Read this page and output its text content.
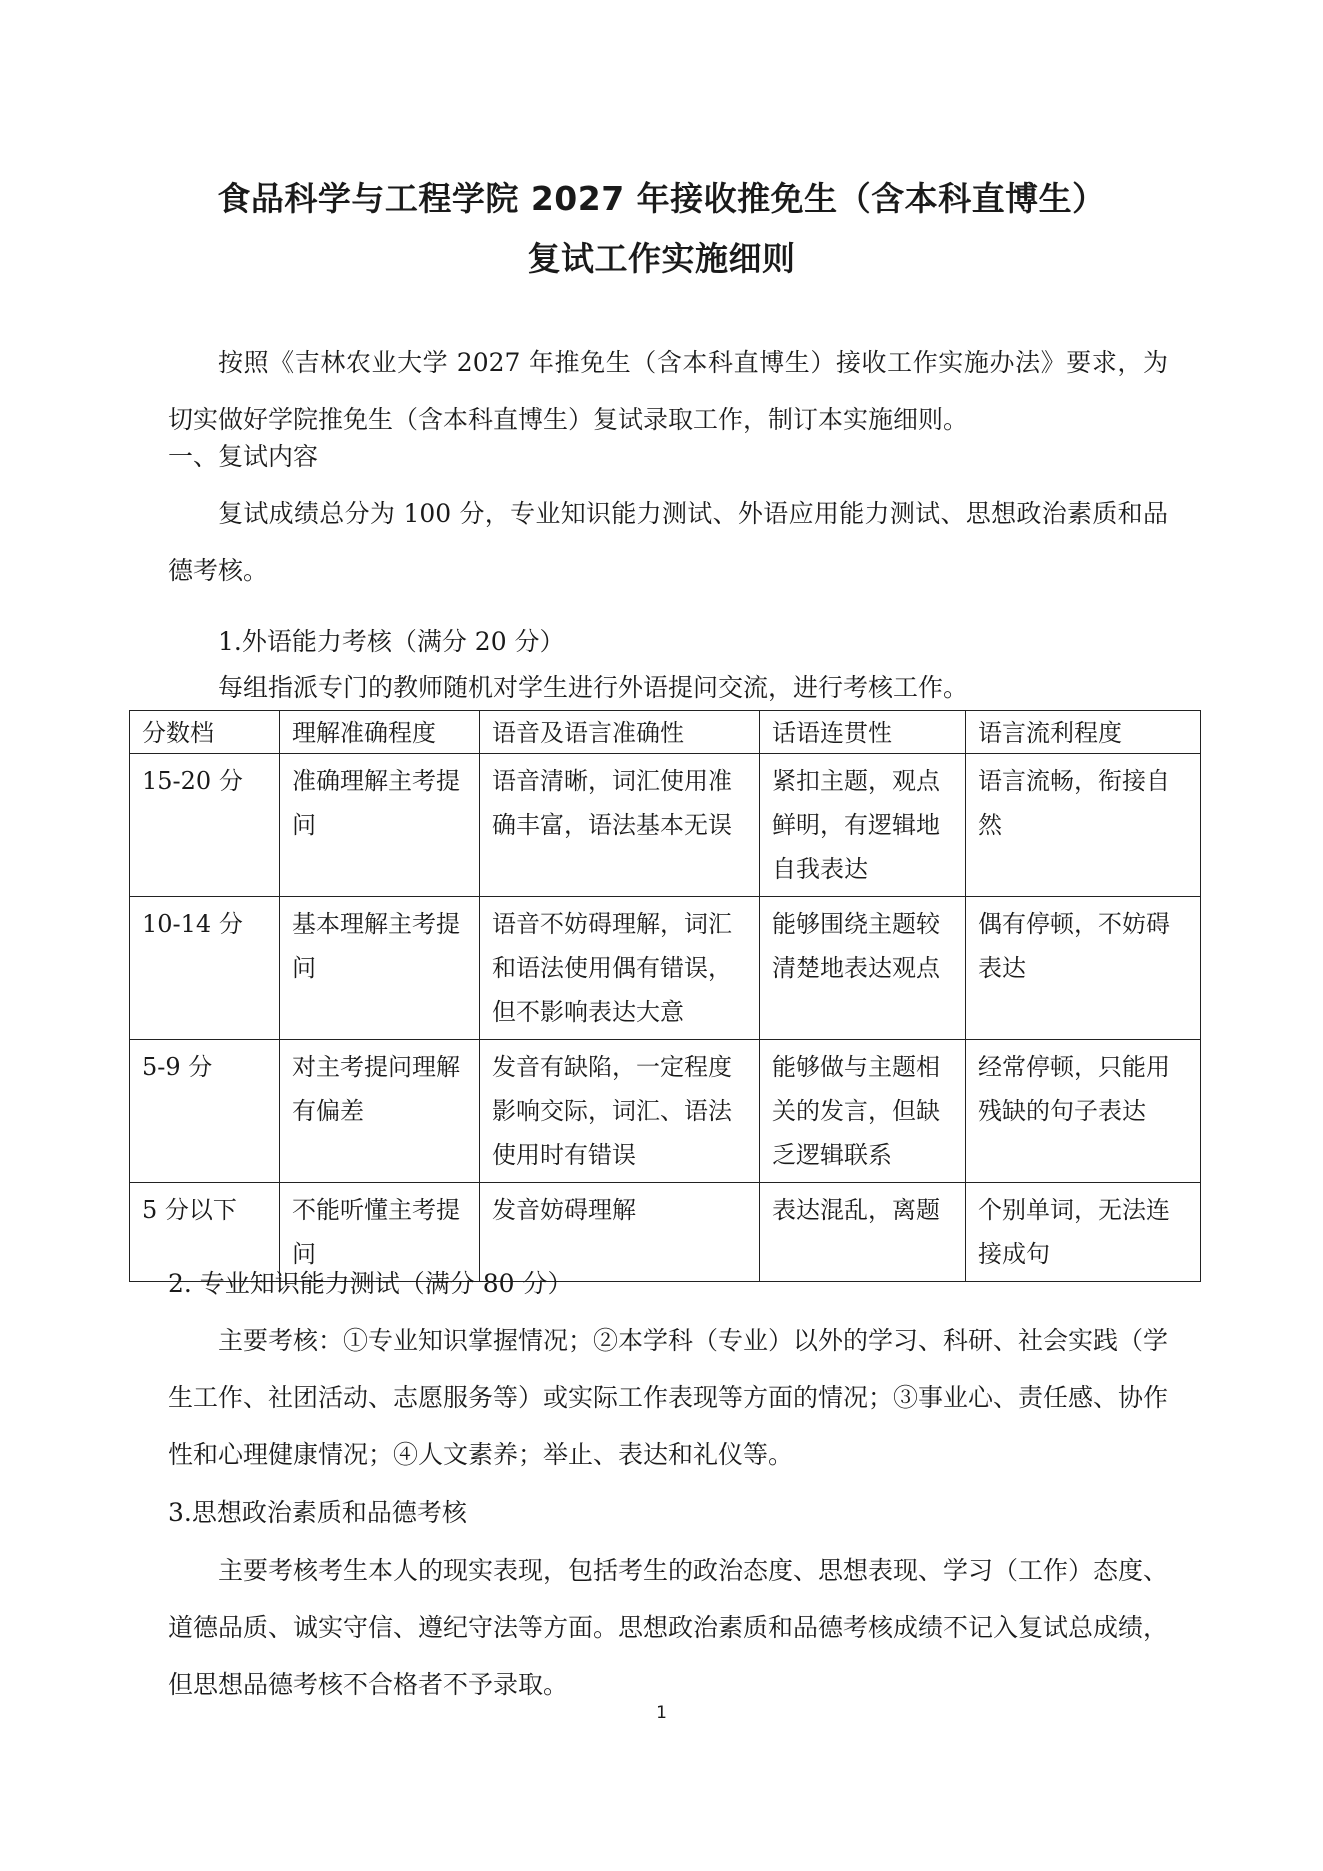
食品科学与工程学院 2027 年接收推免生（含本科直博生）
复试工作实施细则

按照《吉林农业大学 2027 年推免生（含本科直博生）接收工作实施办法》要求，为切实做好学院推免生（含本科直博生）复试录取工作，制订本实施细则。

一、复试内容

复试成绩总分为 100 分，专业知识能力测试、外语应用能力测试、思想政治素质和品德考核。

1.外语能力考核（满分 20 分）
每组指派专门的教师随机对学生进行外语提问交流，进行考核工作。
分数档	理解准确程度	语音及语言准确性	话语连贯性	语言流利程度
15-20 分	准确理解主考提问	语音清晰，词汇使用准确丰富，语法基本无误	紧扣主题，观点鲜明，有逻辑地自我表达	语言流畅，衔接自然
10-14 分	基本理解主考提问	语音不妨碍理解，词汇和语法使用偶有错误，但不影响表达大意	能够围绕主题较清楚地表达观点	偶有停顿，不妨碍表达
5-9 分	对主考提问理解有偏差	发音有缺陷，一定程度影响交际，词汇、语法使用时有错误	能够做与主题相关的发言，但缺乏逻辑联系	经常停顿，只能用残缺的句子表达
5 分以下	不能听懂主考提问	发音妨碍理解	表达混乱，离题	个别单词，无法连接成句
2. 专业知识能力测试（满分 80 分）

主要考核：①专业知识掌握情况；②本学科（专业）以外的学习、科研、社会实践（学生工作、社团活动、志愿服务等）或实际工作表现等方面的情况；③事业心、责任感、协作性和心理健康情况；④人文素养；举止、表达和礼仪等。

3.思想政治素质和品德考核

主要考核考生本人的现实表现，包括考生的政治态度、思想表现、学习（工作）态度、道德品质、诚实守信、遵纪守法等方面。思想政治素质和品德考核成绩不记入复试总成绩，但思想品德考核不合格者不予录取。

1
